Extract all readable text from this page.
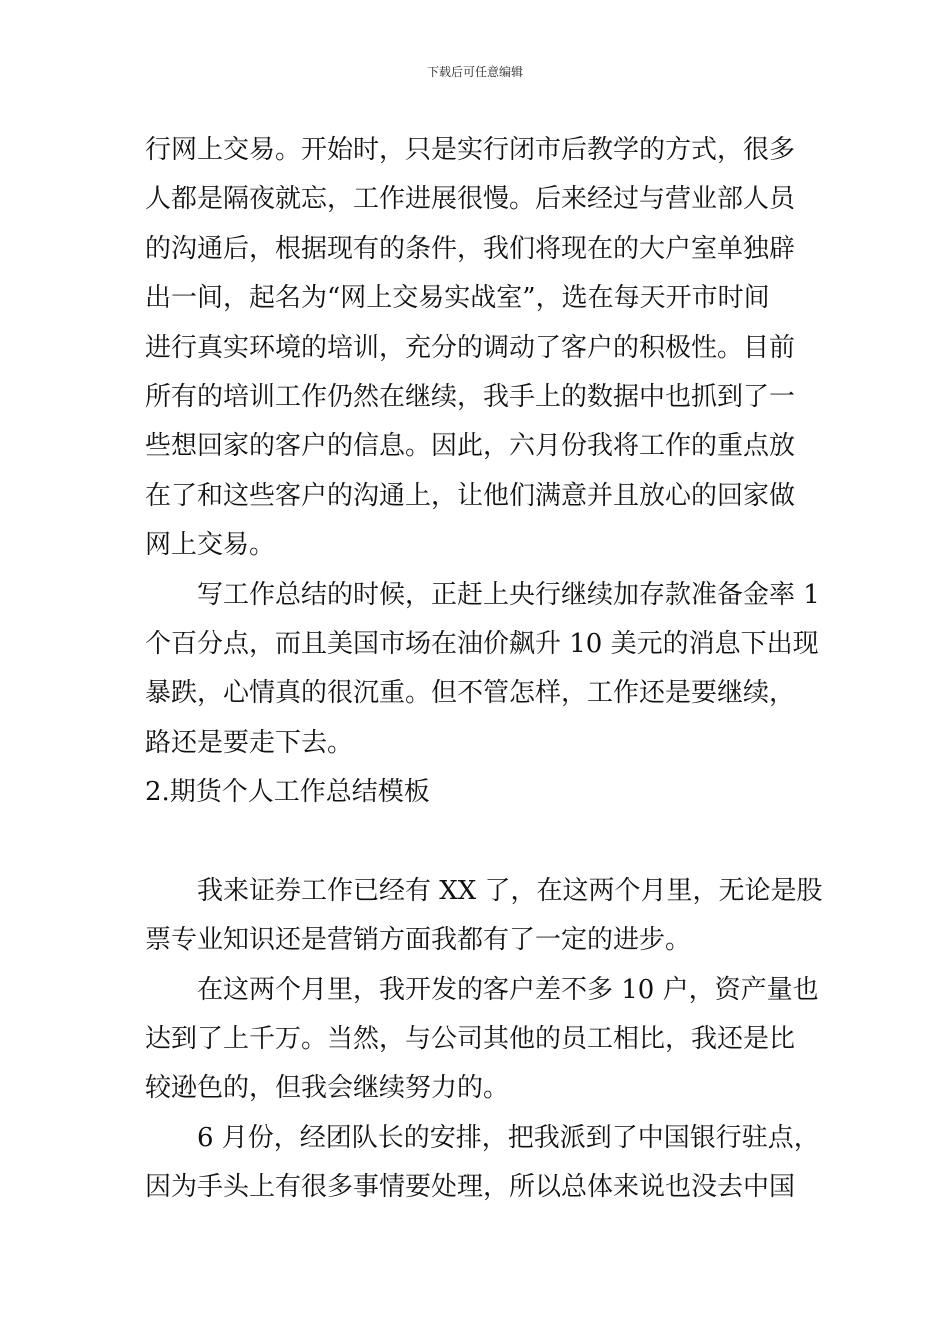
下载后可任意编辑
行网上交易。开始时，只是实行闭市后教学的方式，很多
人都是隔夜就忘，工作进展很慢。后来经过与营业部人员
的沟通后，根据现有的条件，我们将现在的大户室单独辟
出一间，起名为“网上交易实战室”，选在每天开市时间
进行真实环境的培训，充分的调动了客户的积极性。目前
所有的培训工作仍然在继续，我手上的数据中也抓到了一
些想回家的客户的信息。因此，六月份我将工作的重点放
在了和这些客户的沟通上，让他们满意并且放心的回家做
网上交易。
写工作总结的时候，正赶上央行继续加存款准备金率 1
个百分点，而且美国市场在油价飙升 10 美元的消息下出现
暴跌，心情真的很沉重。但不管怎样，工作还是要继续，
路还是要走下去。
2.期货个人工作总结模板
我来证券工作已经有 XX 了，在这两个月里，无论是股
票专业知识还是营销方面我都有了一定的进步。
在这两个月里，我开发的客户差不多 10 户，资产量也
达到了上千万。当然，与公司其他的员工相比，我还是比
较逊色的，但我会继续努力的。
6 月份，经团队长的安排，把我派到了中国银行驻点，
因为手头上有很多事情要处理，所以总体来说也没去中国
